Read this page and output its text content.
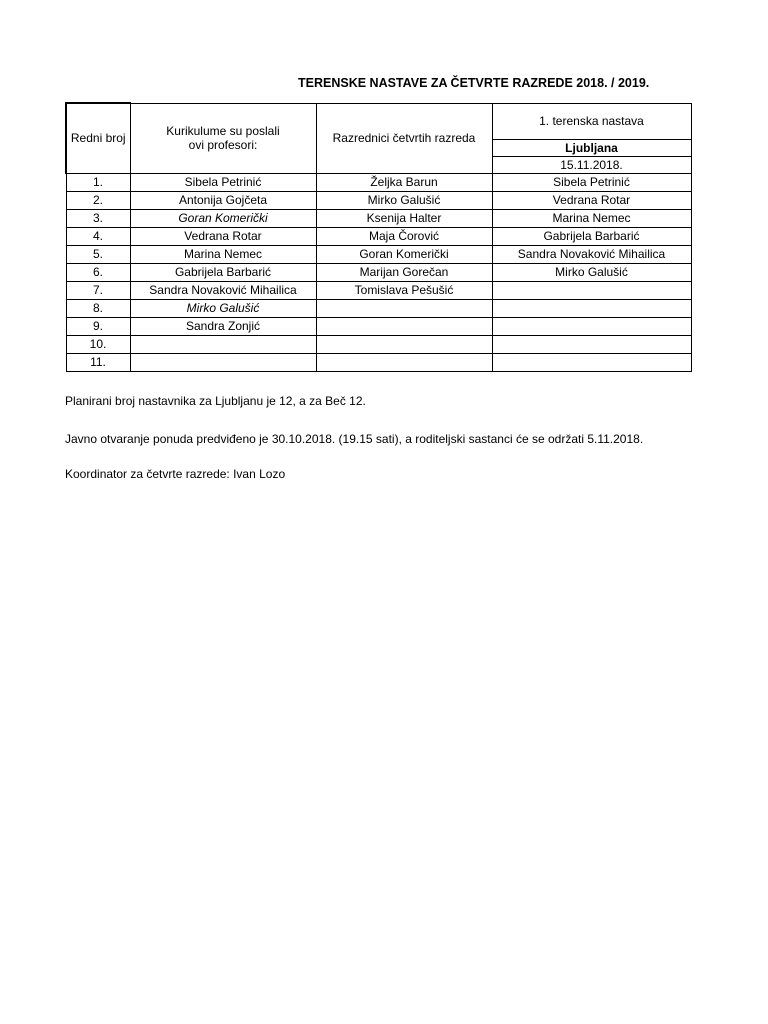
TERENSKE NASTAVE ZA ČETVRTE RAZREDE 2018. / 2019.
Redni broj	Kurikulume su poslali ovi profesori:	Razrednici četvrtih razreda	1. terenska nastava
			Ljubljana
			15.11.2018.
1.	Sibela Petrinić	Željka Barun	Sibela Petrinić
2.	Antonija Gojčeta	Mirko Galušić	Vedrana Rotar
3.	Goran Komerički	Ksenija Halter	Marina Nemec
4.	Vedrana Rotar	Maja Čorović	Gabrijela Barbarić
5.	Marina Nemec	Goran Komerički	Sandra Novaković Mihailica
6.	Gabrijela Barbarić	Marijan Gorečan	Mirko Galušić
7.	Sandra Novaković Mihailica	Tomislava Pešušić	
8.	Mirko Galušić		
9.	Sandra Zonjić		
10.			
11.			
Planirani broj nastavnika za Ljubljanu je 12, a za Beč 12.
Javno otvaranje ponuda predviđeno je 30.10.2018. (19.15 sati), a roditeljski sastanci će se održati 5.11.2018.
Koordinator za četvrte razrede: Ivan Lozo
